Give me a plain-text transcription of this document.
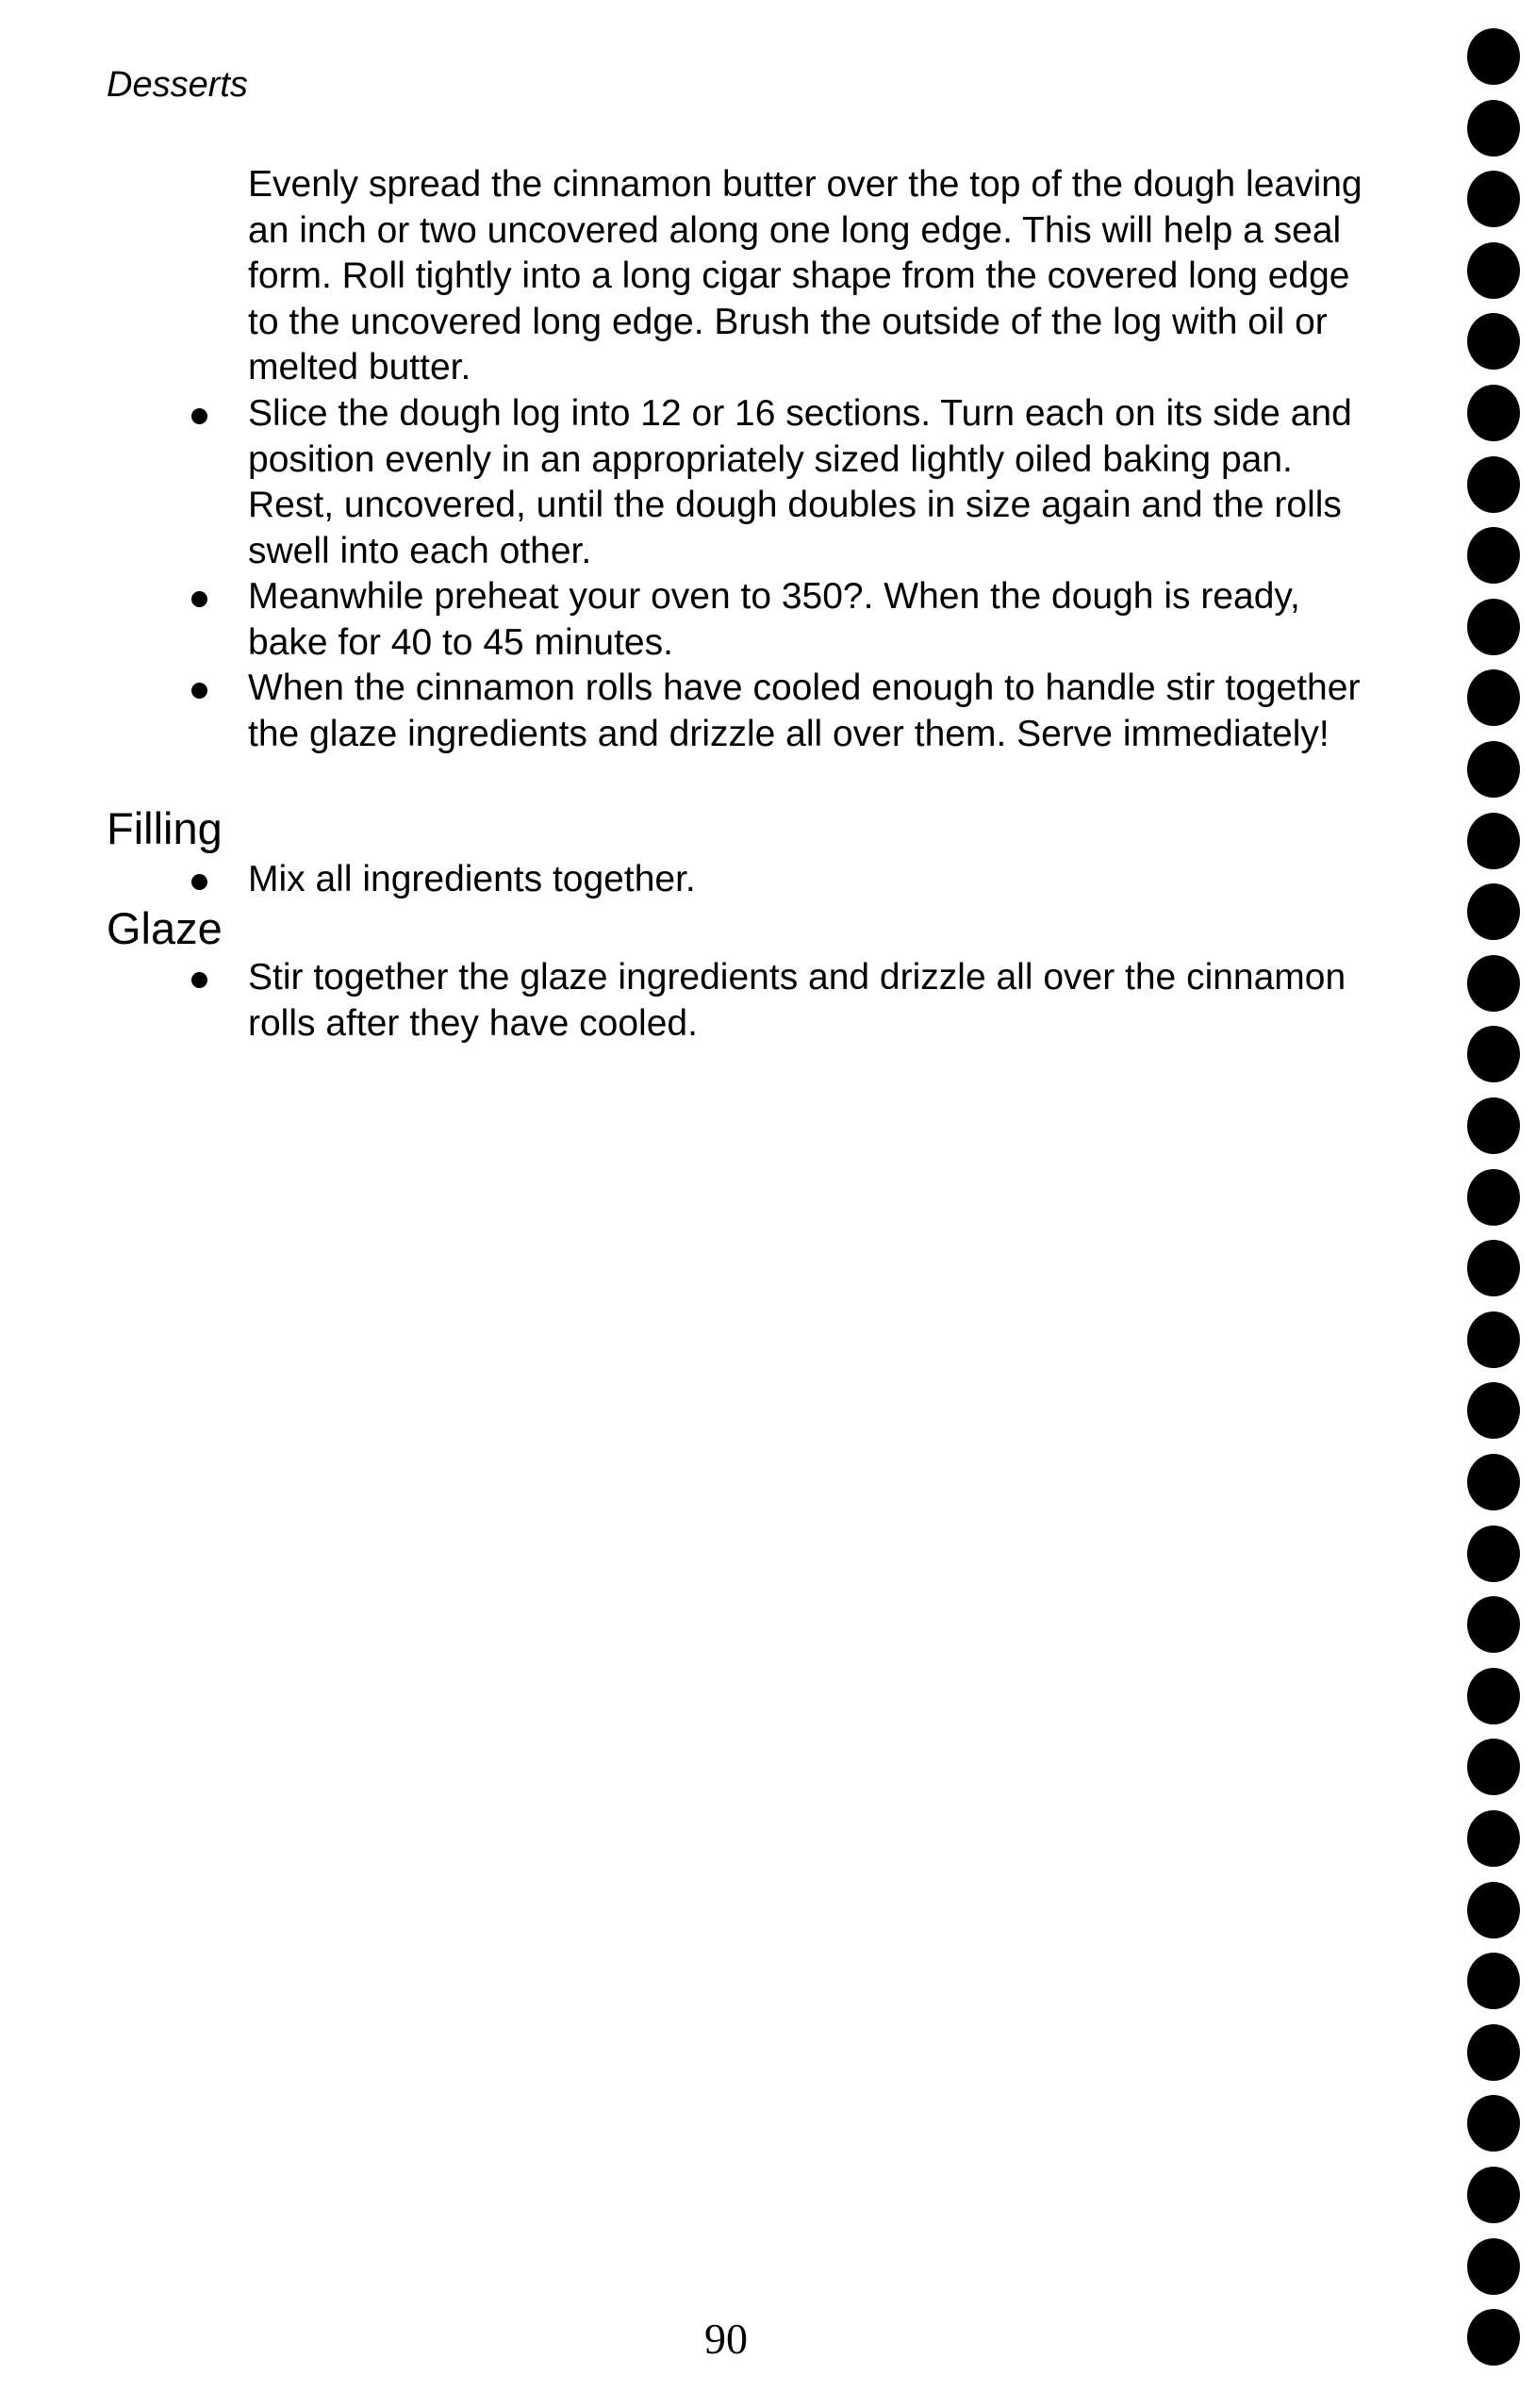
Desserts
Evenly spread the cinnamon butter over the top of the dough leaving an inch or two uncovered along one long edge. This will help a seal form. Roll tightly into a long cigar shape from the covered long edge to the uncovered long edge. Brush the outside of the log with oil or melted butter.
Slice the dough log into 12 or 16 sections. Turn each on its side and position evenly in an appropriately sized lightly oiled baking pan. Rest, uncovered, until the dough doubles in size again and the rolls swell into each other.
Meanwhile preheat your oven to 350?. When the dough is ready, bake for 40 to 45 minutes.
When the cinnamon rolls have cooled enough to handle stir together the glaze ingredients and drizzle all over them. Serve immediately!
Filling
Mix all ingredients together.
Glaze
Stir together the glaze ingredients and drizzle all over the cinnamon rolls after they have cooled.
90
